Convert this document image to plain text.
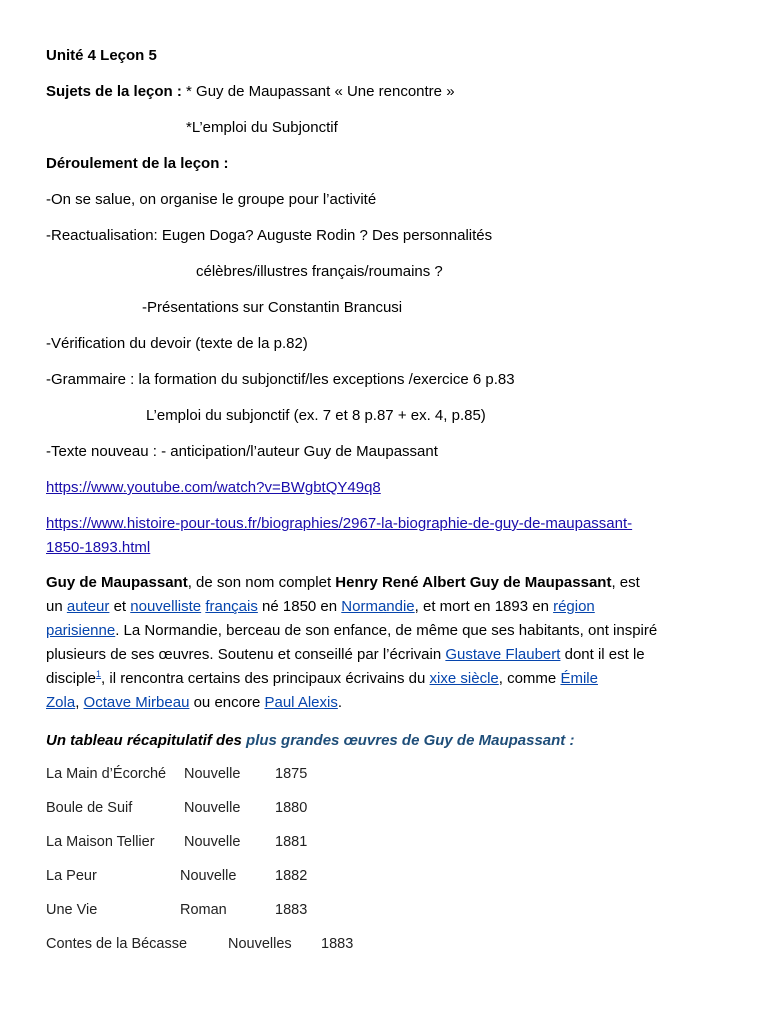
Unité 4 Leçon 5
Sujets de la leçon : * Guy de Maupassant « Une rencontre »
*L’emploi du Subjonctif
Déroulement de la leçon :
-On se salue, on organise le groupe pour l’activité
-Reactualisation: Eugen Doga? Auguste Rodin ? Des personnalités
célèbres/illustres français/roumains ?
-Présentations sur Constantin Brancusi
-Vérification du devoir (texte de la p.82)
-Grammaire : la formation du subjonctif/les exceptions /exercice 6 p.83
L’emploi du subjonctif (ex. 7 et 8 p.87 + ex. 4, p.85)
-Texte nouveau : - anticipation/l’auteur Guy de Maupassant
https://www.youtube.com/watch?v=BWgbtQY49q8
https://www.histoire-pour-tous.fr/biographies/2967-la-biographie-de-guy-de-maupassant-
1850-1893.html
Guy de Maupassant, de son nom complet Henry René Albert Guy de Maupassant, est
un auteur et nouvelliste français né 1850 en Normandie, et mort en 1893 en région
parisienne. La Normandie, berceau de son enfance, de même que ses habitants, ont inspiré
plusieurs de ses œuvres. Soutenu et conseillé par l’écrivain Gustave Flaubert dont il est le
disciple$^1$, il rencontra certains des principaux écrivains du xixe siècle, comme Émile
Zola, Octave Mirbeau ou encore Paul Alexis.
Un tableau récapitulatif des plus grandes œuvres de Guy de Maupassant :
La Main d’Écorché Nouvelle 1875
Boule de Suif	Nouvelle 1880
La Maison Tellier Nouvelle 1881
La Peur	Nouvelle	1882
Une Vie	Roman	1883
Contes de la Bécasse	Nouvelles 1883
